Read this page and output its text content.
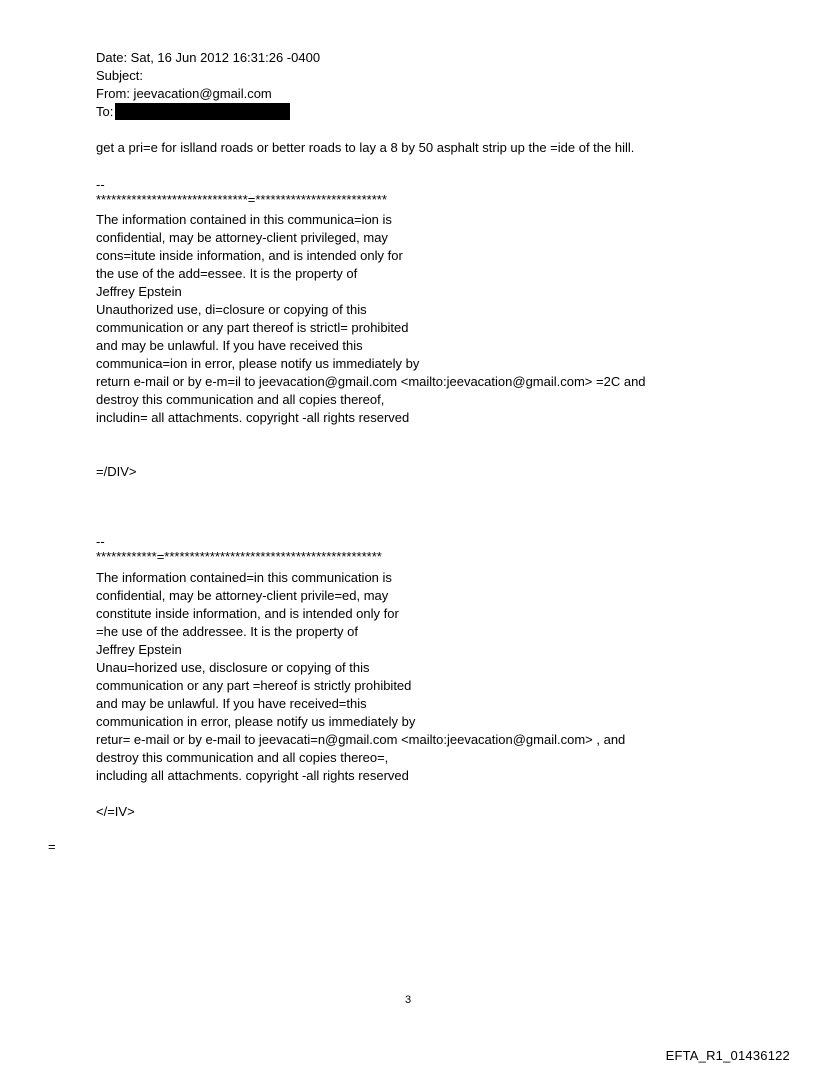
Date: Sat, 16 Jun 2012 16:31:26 -0400

Subject:

From: jeevacation@gmail.com

To:

get a pri=e for islland roads or better roads to lay a 8 by 50 asphalt strip up the =ide of the hill.

--

******************************=**************************

The information contained in this communica=ion is

confidential, may be attorney-client privileged, may

cons=itute inside information, and is intended only for

the use of the add=essee. It is the property of

Jeffrey Epstein

Unauthorized use, di=closure or copying of this

communication or any part thereof is strictl= prohibited

and may be unlawful. If you have received this

communica=ion in error, please notify us immediately by

return e-mail or by e-m=il to jeevacation@gmail.com <mailto:jeevacation@gmail.com> =2C and

destroy this communication and all copies thereof,

includin= all attachments. copyright -all rights reserved

=/DIV>

--

************=*******************************************

The information contained=in this communication is

confidential, may be attorney-client privile=ed, may

constitute inside information, and is intended only for

=he use of the addressee. It is the property of

Jeffrey Epstein

Unau=horized use, disclosure or copying of this

communication or any part =hereof is strictly prohibited

and may be unlawful. If you have received=this

communication in error, please notify us immediately by

retur= e-mail or by e-mail to jeevacati=n@gmail.com <mailto:jeevacation@gmail.com> , and

destroy this communication and all copies thereo=,

including all attachments. copyright -all rights reserved

</=IV>

=
3
EFTA_R1_01436122
